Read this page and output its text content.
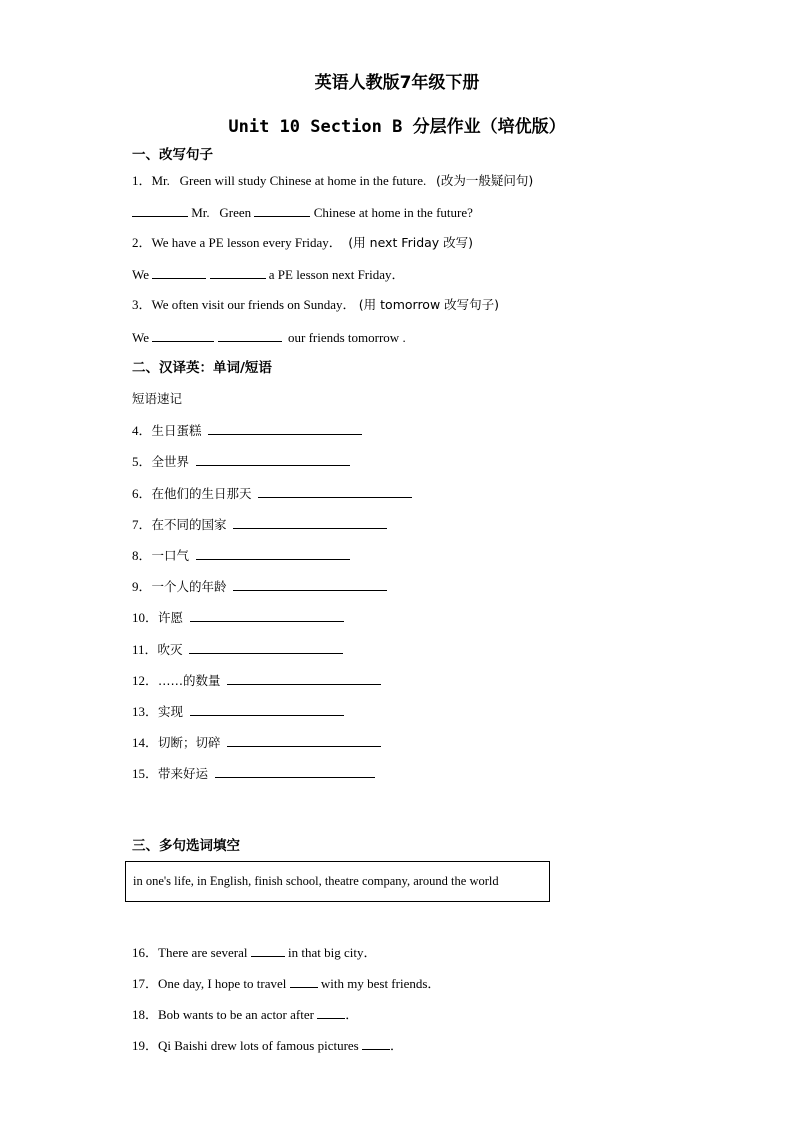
英语人教版7年级下册
Unit 10 Section B 分层作业（培优版）
一、改写句子
1．Mr. Green will study Chinese at home in the future. (改为一般疑问句)
Mr. Green	Chinese at home in the future?
2．We have a PE lesson every Friday． (用 next Friday 改写)
We	a PE lesson next Friday．
3．We often visit our friends on Sunday． (用 tomorrow 改写句子)
We	our friends tomorrow .
二、汉译英：单词/短语
短语速记
4．生日蛋糕
5．全世界
6．在他们的生日那天
7．在不同的国家
8．一口气
9．一个人的年龄
10．许愿
11．吹灭
12．……的数量
13．实现
14．切断；切碎
15．带来好运
三、多句选词填空
in one's life, in English, finish school, theatre company, around the world
16．There are several	in that big city．
17．One day, I hope to travel	with my best friends．
18．Bob wants to be an actor after ．
19．Qi Baishi drew lots of famous pictures ．
